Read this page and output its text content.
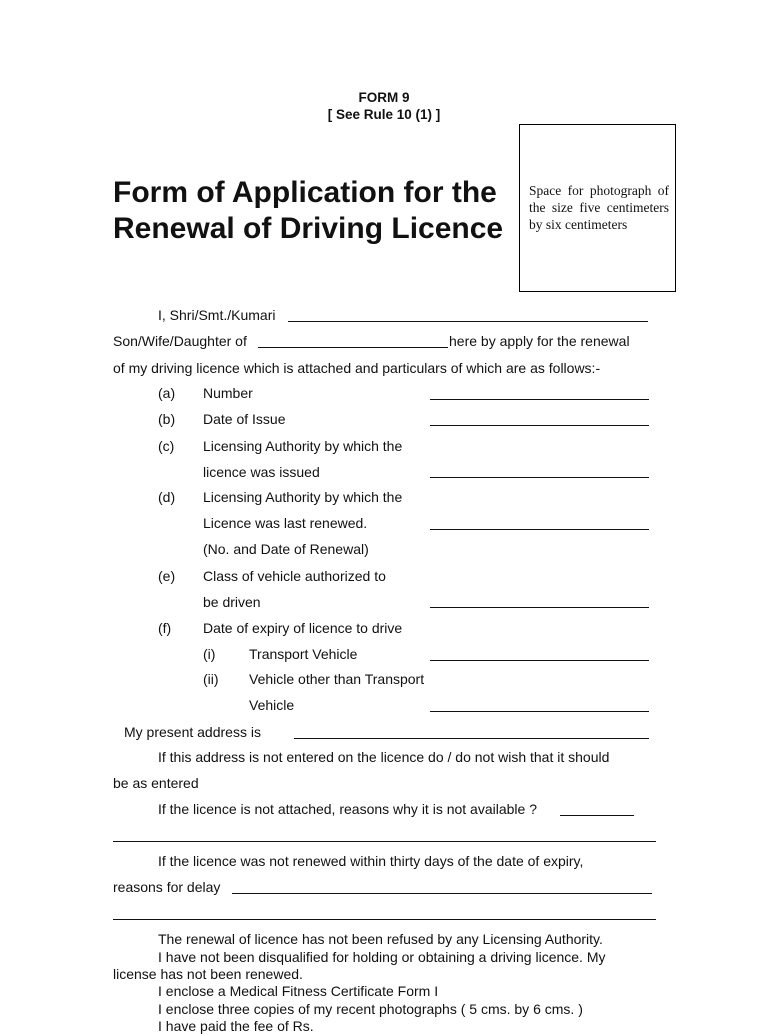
FORM 9
[ See Rule 10 (1) ]
Form of Application for the
Renewal of Driving Licence
Space for photograph of the size five centimeters by six centimeters
I, Shri/Smt./Kumari
Son/Wife/Daughter of	here by apply for the renewal
of my driving licence which is attached and particulars of which are as follows:-
(a) Number
(b) Date of Issue
(c) Licensing Authority by which the
licence was issued
(d) Licensing Authority by which the
Licence was last renewed.
(No. and Date of Renewal)
(e) Class of vehicle authorized to
be driven
(f) Date of expiry of licence to drive
(i) Transport Vehicle
(ii) Vehicle other than Transport
Vehicle
My present address is
If this address is not entered on the licence do / do not wish that it should
be as entered
If the licence is not attached, reasons why it is not available ?
If the licence was not renewed within thirty days of the date of expiry,
reasons for delay
The renewal of licence has not been refused by any Licensing Authority.
I have not been disqualified for holding or obtaining a driving licence. My
license has not been renewed.
I enclose a Medical Fitness Certificate Form I
I enclose three copies of my recent photographs ( 5 cms. by 6 cms. )
I have paid the fee of Rs.
